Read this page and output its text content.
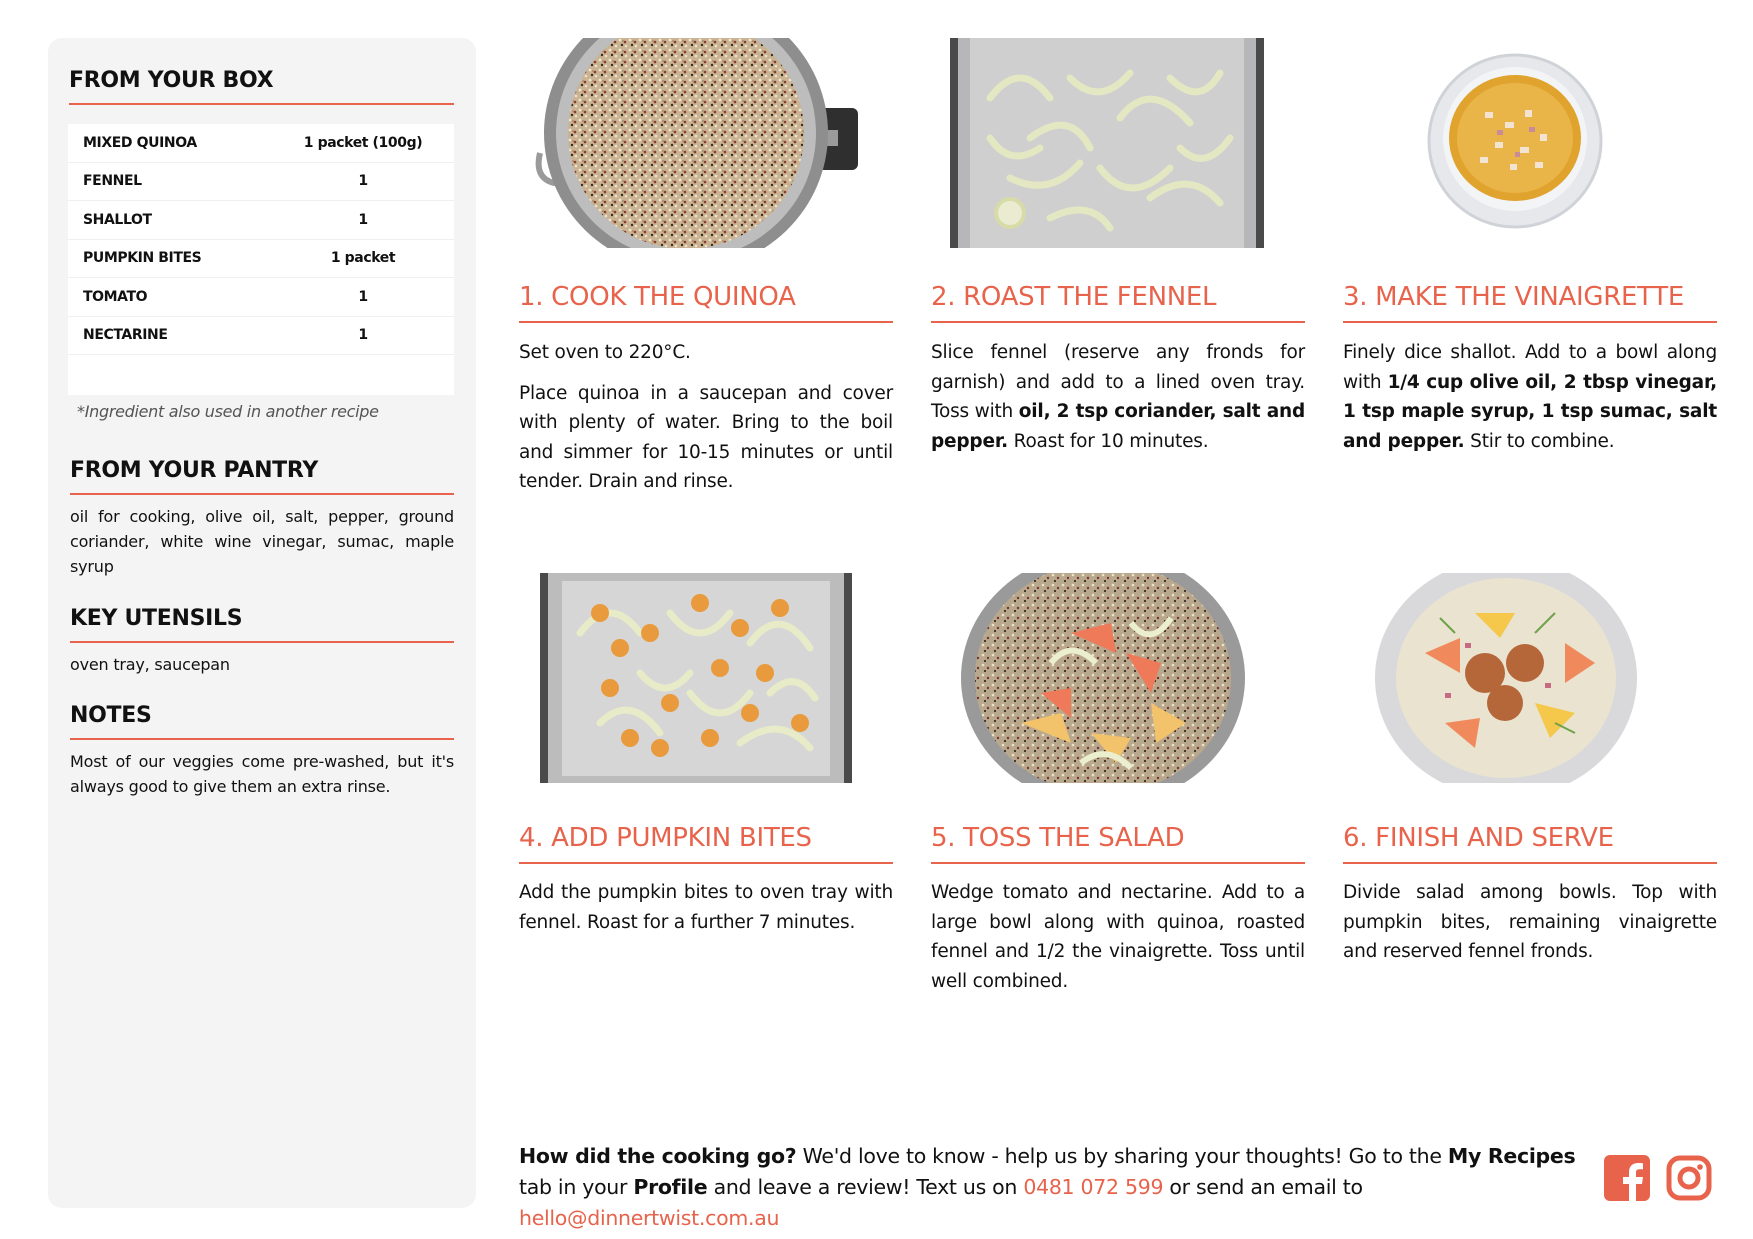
FROM YOUR BOX
MIXED QUINOA	1 packet (100g)
FENNEL	1
SHALLOT	1
PUMPKIN BITES	1 packet
TOMATO	1
NECTARINE	1
*Ingredient also used in another recipe
FROM YOUR PANTRY
oil for cooking, olive oil, salt, pepper, ground coriander, white wine vinegar, sumac, maple syrup
KEY UTENSILS
oven tray, saucepan
NOTES
Most of our veggies come pre-washed, but it's always good to give them an extra rinse.
1. COOK THE QUINOA

Set oven to 220°C.

Place quinoa in a saucepan and cover with plenty of water. Bring to the boil and simmer for 10-15 minutes or until tender. Drain and rinse.

2. ROAST THE FENNEL

Slice fennel (reserve any fronds for garnish) and add to a lined oven tray. Toss with oil, 2 tsp coriander, salt and pepper. Roast for 10 minutes.

3. MAKE THE VINAIGRETTE

Finely dice shallot. Add to a bowl along with 1/4 cup olive oil, 2 tbsp vinegar, 1 tsp maple syrup, 1 tsp sumac, salt and pepper. Stir to combine.

4. ADD PUMPKIN BITES

Add the pumpkin bites to oven tray with fennel. Roast for a further 7 minutes.

5. TOSS THE SALAD

Wedge tomato and nectarine. Add to a large bowl along with quinoa, roasted fennel and 1/2 the vinaigrette. Toss until well combined.

6. FINISH AND SERVE

Divide salad among bowls. Top with pumpkin bites, remaining vinaigrette and reserved fennel fronds.

How did the cooking go? We'd love to know - help us by sharing your thoughts! Go to the My Recipes tab in your Profile and leave a review! Text us on 0481 072 599 or send an email to hello@dinnertwist.com.au
